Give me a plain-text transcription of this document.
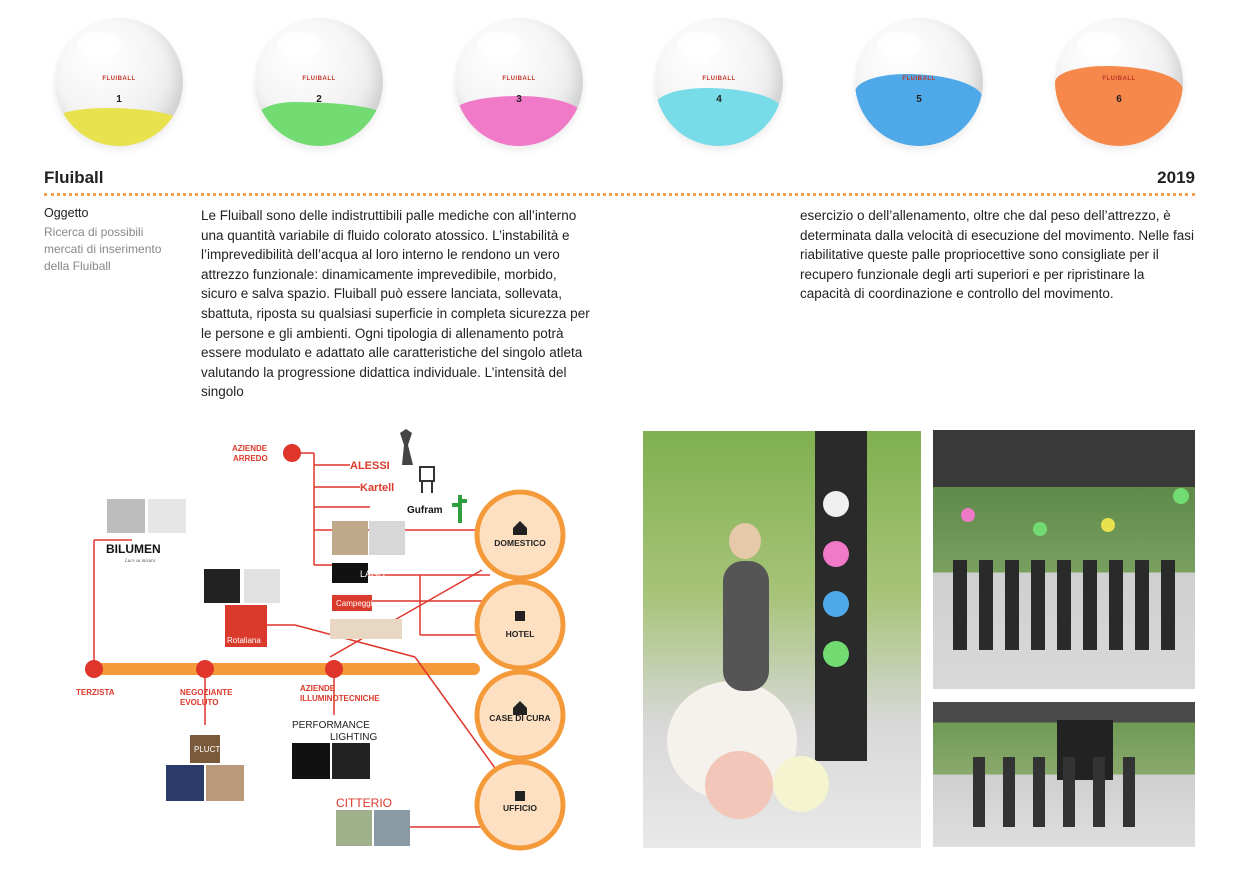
FLUIBALL
1
FLUIBALL
2
FLUIBALL
3
FLUIBALL
4
FLUIBALL
5
FLUIBALL
6
Fluiball	2019
Oggetto
Ricerca di possibili mercati di inserimento della Fluiball
Le Fluiball sono delle indistruttibili palle mediche con all’interno una quantità variabile di fluido colorato atossico. L’instabilità e l’imprevedibilità dell’acqua al loro interno le rendono un vero attrezzo funzionale: dinamicamente imprevedibile, morbido, sicuro e salva spazio. Fluiball può essere lanciata, sollevata, sbattuta, riposta su qualsiasi superficie in completa sicurezza per le persone e gli ambienti. Ogni tipologia di allenamento potrà essere modulato e adattato alle caratteristiche del singolo atleta valutando la progressione didattica individuale. L’intensità del singolo
esercizio o dell’allenamento, oltre che dal peso dell’attrezzo, è determinata dalla velocità di esecuzione del movimento. Nelle fasi riabilitative queste palle propriocettive sono consigliate per il recupero funzionale degli arti superiori e per ripristinare la capacità di coordinazione e controllo del movimento.
AZIENDE
ARREDO
TERZISTA	NEGOZIANTE
EVOLUTO
AZIENDE
ILLUMINOTECNICHE
ALESSI
Kartell
Gufram
LAGO
Campeggi
Rotaliana
BILUMEN
Luce su misura
PLUCT
PERFORMANCE
LIGHTING
CITTERIO
DOMESTICO
HOTEL
CASE DI CURA
UFFICIO
